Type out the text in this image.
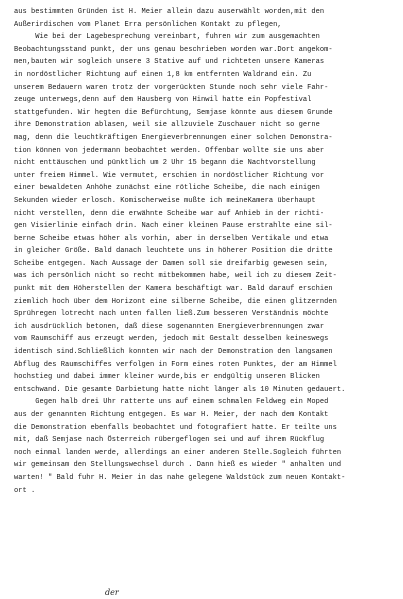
aus bestimmten Gründen ist H. Meier allein dazu auserwählt worden,mit den
Außerirdischen vom Planet Erra persönlichen Kontakt zu pflegen,
Wie bei der Lagebesprechung vereinbart, fuhren wir zum ausgemachten
Beobachtungsstand punkt, der uns genau beschrieben worden war.Dort angekom-
men,bauten wir sogleich unsere 3 Stative auf und richteten unsere Kameras
in nordöstlicher Richtung auf einen 1,8 km entfernten Waldrand ein. Zu
unserem Bedauern waren trotz der vorgerückten Stunde noch sehr viele Fahr-
zeuge unterwegs,denn auf dem Hausberg von Hinwil hatte ein Popfestival
stattgefunden. Wir hegten die Befürchtung, Semjase könnte aus diesem Grunde
ihre Demonstration ablasen, weil sie allzuviele Zuschauer nicht so gerne
mag, denn die leuchtkräftigen Energieverbrennungen einer solchen Demonstra-
tion können von jedermann beobachtet werden. Offenbar wollte sie uns aber
nicht enttäuschen und pünktlich um 2 Uhr 15 begann die Nachtvorstellung
unter freiem Himmel. Wie vermutet, erschien in nordöstlicher Richtung vor
einer bewaldeten Anhöhe zunächst eine rötliche Scheibe, die nach einigen
Sekunden wieder erlosch. Komischerweise mußte ich meineKamera überhaupt
nicht verstellen, denn die erwähnte Scheibe war auf Anhieb in der richti-
gen Visierlinie einfach drin. Nach einer kleinen Pause erstrahlte eine sil-
berne Scheibe etwas höher als vorhin, aber in derselben Vertikale und etwa
in gleicher Größe. Bald danach leuchtete uns in höherer Position die dritte
Scheibe entgegen. Nach Aussage der Damen soll sie dreifarbig gewesen sein,
was ich persönlich nicht so recht mitbekommen habe, weil ich zu diesem Zeit-
punkt mit dem Höherstellen der Kamera beschäftigt war. Bald darauf erschien
ziemlich hoch über dem Horizont eine silberne Scheibe, die einen glitzernden
Sprühregen lotrecht nach unten fallen ließ.Zum besseren Verständnis möchte
ich ausdrücklich betonen, daß diese sogenannten Energieverbrennungen zwar
vom Raumschiff aus erzeugt werden, jedoch mit Gestalt desselben keineswegs
identisch sind.Schließlich konnten wir nach der Demonstration den langsamen
Abflug des Raumschiffes verfolgen in Form eines roten Punktes, der am Himmel
hochstieg und dabei immer kleiner wurde,bis er endgültig unseren Blicken
entschwand. Die gesamte Darbietung hatte nicht länger als 10 Minuten gedauert.
Gegen halb drei Uhr ratterte uns auf einem schmalen Feldweg ein Moped
aus der genannten Richtung entgegen. Es war H. Meier, der nach dem Kontakt
die Demonstration ebenfalls beobachtet und fotografiert hatte. Er teilte uns
mit, daß Semjase nach Österreich rübergeflogen sei und auf ihrem Rückflug
noch einmal landen werde, allerdings an einer anderen Stelle.Sogleich führten
wir gemeinsam den Stellungswechsel durch . Dann hieß es wieder " anhalten und
warten! " Bald fuhr H. Meier in das nahe gelegene Waldstück zum neuen Kontakt-
ort .
der
